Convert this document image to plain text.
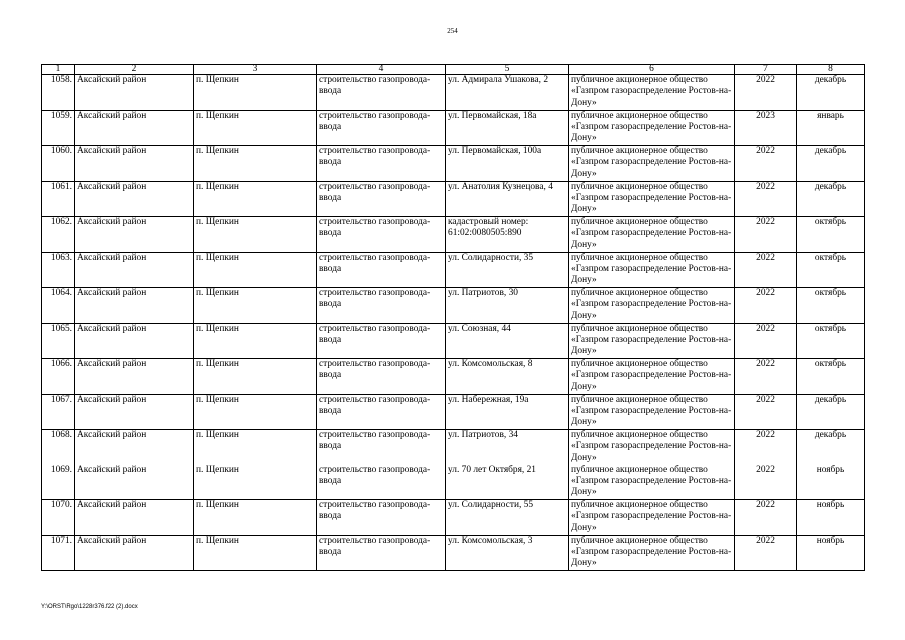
254
1	2	3	4	5	6	7	8
1058.	Аксайский район	п. Щепкин	строительство газопровода-ввода	ул. Адмирала Ушакова, 2	публичное акционерное общество «Газпром газораспределение Ростов-на-Дону»	2022	декабрь
1059.	Аксайский район	п. Щепкин	строительство газопровода-ввода	ул. Первомайская, 18а	публичное акционерное общество «Газпром газораспределение Ростов-на-Дону»	2023	январь
1060.	Аксайский район	п. Щепкин	строительство газопровода-ввода	ул. Первомайская, 100а	публичное акционерное общество «Газпром газораспределение Ростов-на-Дону»	2022	декабрь
1061.	Аксайский район	п. Щепкин	строительство газопровода-ввода	ул. Анатолия Кузнецова, 4	публичное акционерное общество «Газпром газораспределение Ростов-на-Дону»	2022	декабрь
1062.	Аксайский район	п. Щепкин	строительство газопровода-ввода	кадастровый номер: 61:02:0080505:890	публичное акционерное общество «Газпром газораспределение Ростов-на-Дону»	2022	октябрь
1063.	Аксайский район	п. Щепкин	строительство газопровода-ввода	ул. Солидарности, 35	публичное акционерное общество «Газпром газораспределение Ростов-на-Дону»	2022	октябрь
1064.	Аксайский район	п. Щепкин	строительство газопровода-ввода	ул. Патриотов, 30	публичное акционерное общество «Газпром газораспределение Ростов-на-Дону»	2022	октябрь
1065.	Аксайский район	п. Щепкин	строительство газопровода-ввода	ул. Союзная, 44	публичное акционерное общество «Газпром газораспределение Ростов-на-Дону»	2022	октябрь
1066.	Аксайский район	п. Щепкин	строительство газопровода-ввода	ул. Комсомольская, 8	публичное акционерное общество «Газпром газораспределение Ростов-на-Дону»	2022	октябрь
1067.	Аксайский район	п. Щепкин	строительство газопровода-ввода	ул. Набережная, 19а	публичное акционерное общество «Газпром газораспределение Ростов-на-Дону»	2022	декабрь
1068.	Аксайский район	п. Щепкин	строительство газопровода-ввода	ул. Патриотов, 34	публичное акционерное общество «Газпром газораспределение Ростов-на-Дону»	2022	декабрь
1069.	Аксайский район	п. Щепкин	строительство газопровода-ввода	ул. 70 лет Октября, 21	публичное акционерное общество «Газпром газораспределение Ростов-на-Дону»	2022	ноябрь
1070.	Аксайский район	п. Щепкин	строительство газопровода-ввода	ул. Солидарности, 55	публичное акционерное общество «Газпром газораспределение Ростов-на-Дону»	2022	ноябрь
1071.	Аксайский район	п. Щепкин	строительство газопровода-ввода	ул. Комсомольская, 3	публичное акционерное общество «Газпром газораспределение Ростов-на-Дону»	2022	ноябрь
Y:\ORST\Rgo\1228r376.f22 (2).docx
